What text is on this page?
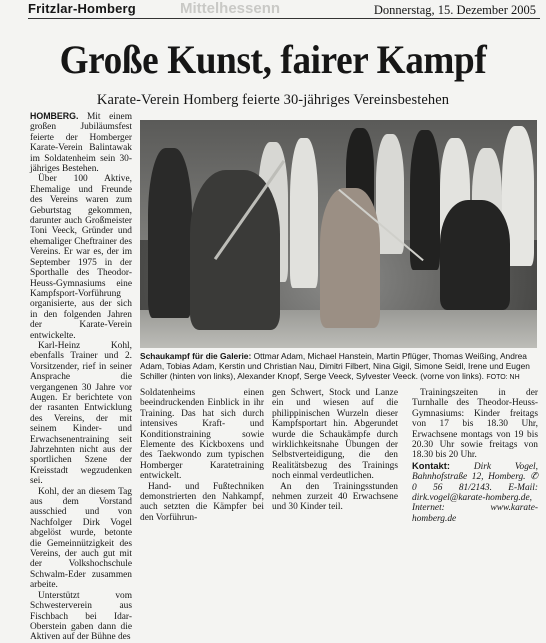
Fritzlar-Homberg	Mittelhessenn	Donnerstag, 15. Dezember 2005
Große Kunst, fairer Kampf
Karate-Verein Homberg feierte 30-jähriges Vereinsbestehen

HOMBERG. Mit einem großen Jubiläumsfest feierte der Homberger Karate-Verein Balintawak im Soldatenheim sein 30-jähriges Bestehen.

Über 100 Aktive, Ehemalige und Freunde des Vereins waren zum Geburtstag gekommen, darunter auch Großmeister Toni Veeck, Gründer und ehemaliger Cheftrainer des Vereins. Er war es, der im September 1975 in der Sporthalle des Theodor-Heuss-Gymnasiums eine Kampfsport-Vorführung organisierte, aus der sich in den folgenden Jahren der Karate-Verein entwickelte.

Karl-Heinz Kohl, ebenfalls Trainer und 2. Vorsitzender, rief in seiner Ansprache die vergangenen 30 Jahre vor Augen. Er berichtete von der rasanten Entwicklung des Vereins, der mit seinem Kinder- und Erwachsenentraining seit Jahrzehnten nicht aus der sportlichen Szene der Kreisstadt wegzudenken sei.

Kohl, der an diesem Tag aus dem Vorstand ausschied und von Nachfolger Dirk Vogel abgelöst wurde, betonte die Gemeinnützigkeit des Vereins, der auch gut mit der Volkshochschule Schwalm-Eder zusammen arbeite.

Unterstützt vom Schwesterverein aus Fischbach bei Idar-Oberstein gaben dann die Aktiven auf der Bühne des

Schaukampf für die Galerie: Ottmar Adam, Michael Hanstein, Martin Pflüger, Thomas Weißing, Andrea Adam, Tobias Adam, Kerstin und Christian Nau, Dimitri Filbert, Nina Gigil, Simone Seidl, Irene und Eugen Schiller (hinten von links), Alexander Knopf, Serge Veeck, Sylvester Veeck. (vorne von links). FOTO: NH

Soldatenheims einen beeindruckenden Einblick in ihr Training. Das hat sich durch intensives Kraft- und Konditionstraining sowie Elemente des Kickboxens und des Taekwondo zum typischen Homberger Karatetraining entwickelt.

Hand- und Fußtechniken demonstrierten den Nahkampf, auch setzten die Kämpfer bei den Vorführun-

gen Schwert, Stock und Lanze ein und wiesen auf die philippinischen Wurzeln dieser Kampfsportart hin. Abgerundet wurde die Schaukämpfe durch wirklichkeitsnahe Übungen der Selbstverteidigung, die den Realitätsbezug des Trainings noch einmal verdeutlichen.

An den Trainingsstunden nehmen zurzeit 40 Erwachsene und 30 Kinder teil.

Trainingszeiten in der Turnhalle des Theodor-Heuss-Gymnasiums: Kinder freitags von 17 bis 18.30 Uhr, Erwachsene montags von 19 bis 20.30 Uhr sowie freitags von 18.30 bis 20 Uhr.

Kontakt:	Dirk Vogel, Bahnhofstraße 12, Homberg. ✆ 0 56 81/2143. E-Mail: dirk.vogel@karate-homberg.de, Internet: www.karate-homberg.de
